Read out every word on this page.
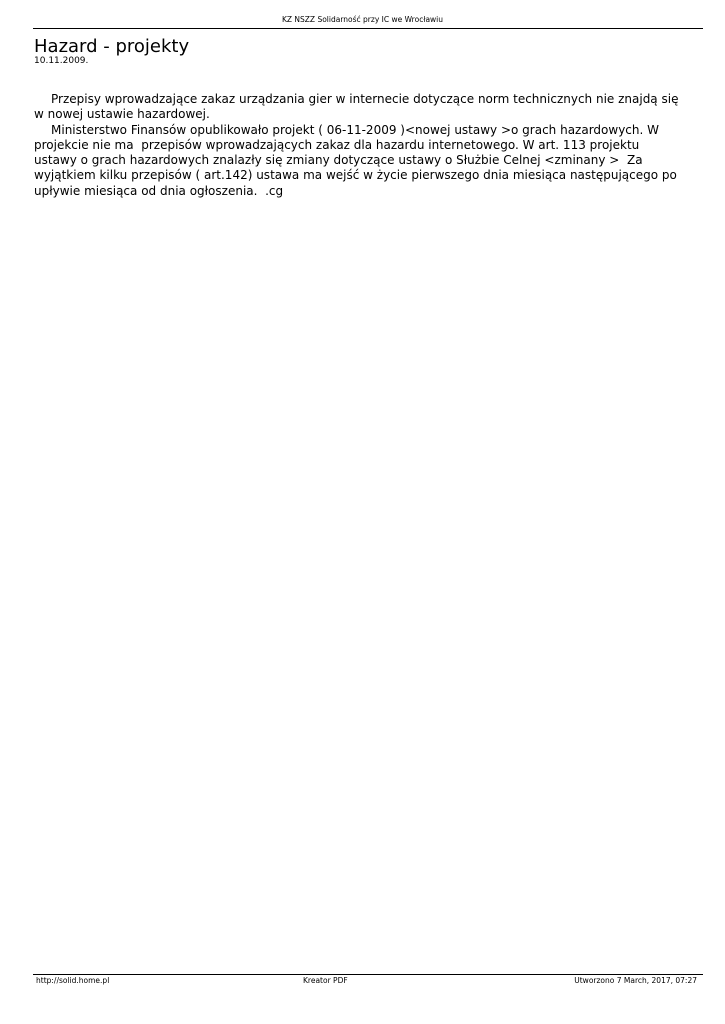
KZ NSZZ Solidarność przy IC we Wrocławiu
Hazard - projekty
10.11.2009.

Przepisy wprowadzające zakaz urządzania gier w internecie dotyczące norm technicznych nie znajdą się w nowej ustawie hazardowej.

Ministerstwo Finansów opublikowało projekt ( 06-11-2009 )<nowej ustawy >o grach hazardowych. W projekcie nie ma  przepisów wprowadzających zakaz dla hazardu internetowego. W art. 113 projektu ustawy o grach hazardowych znalazły się zmiany dotyczące ustawy o Służbie Celnej <zminany >  Za wyjątkiem kilku przepisów ( art.142) ustawa ma wejść w życie pierwszego dnia miesiąca następującego po upływie miesiąca od dnia ogłoszenia.  .cg

http://solid.home.pl	Kreator PDF	Utworzono 7 March, 2017, 07:27
